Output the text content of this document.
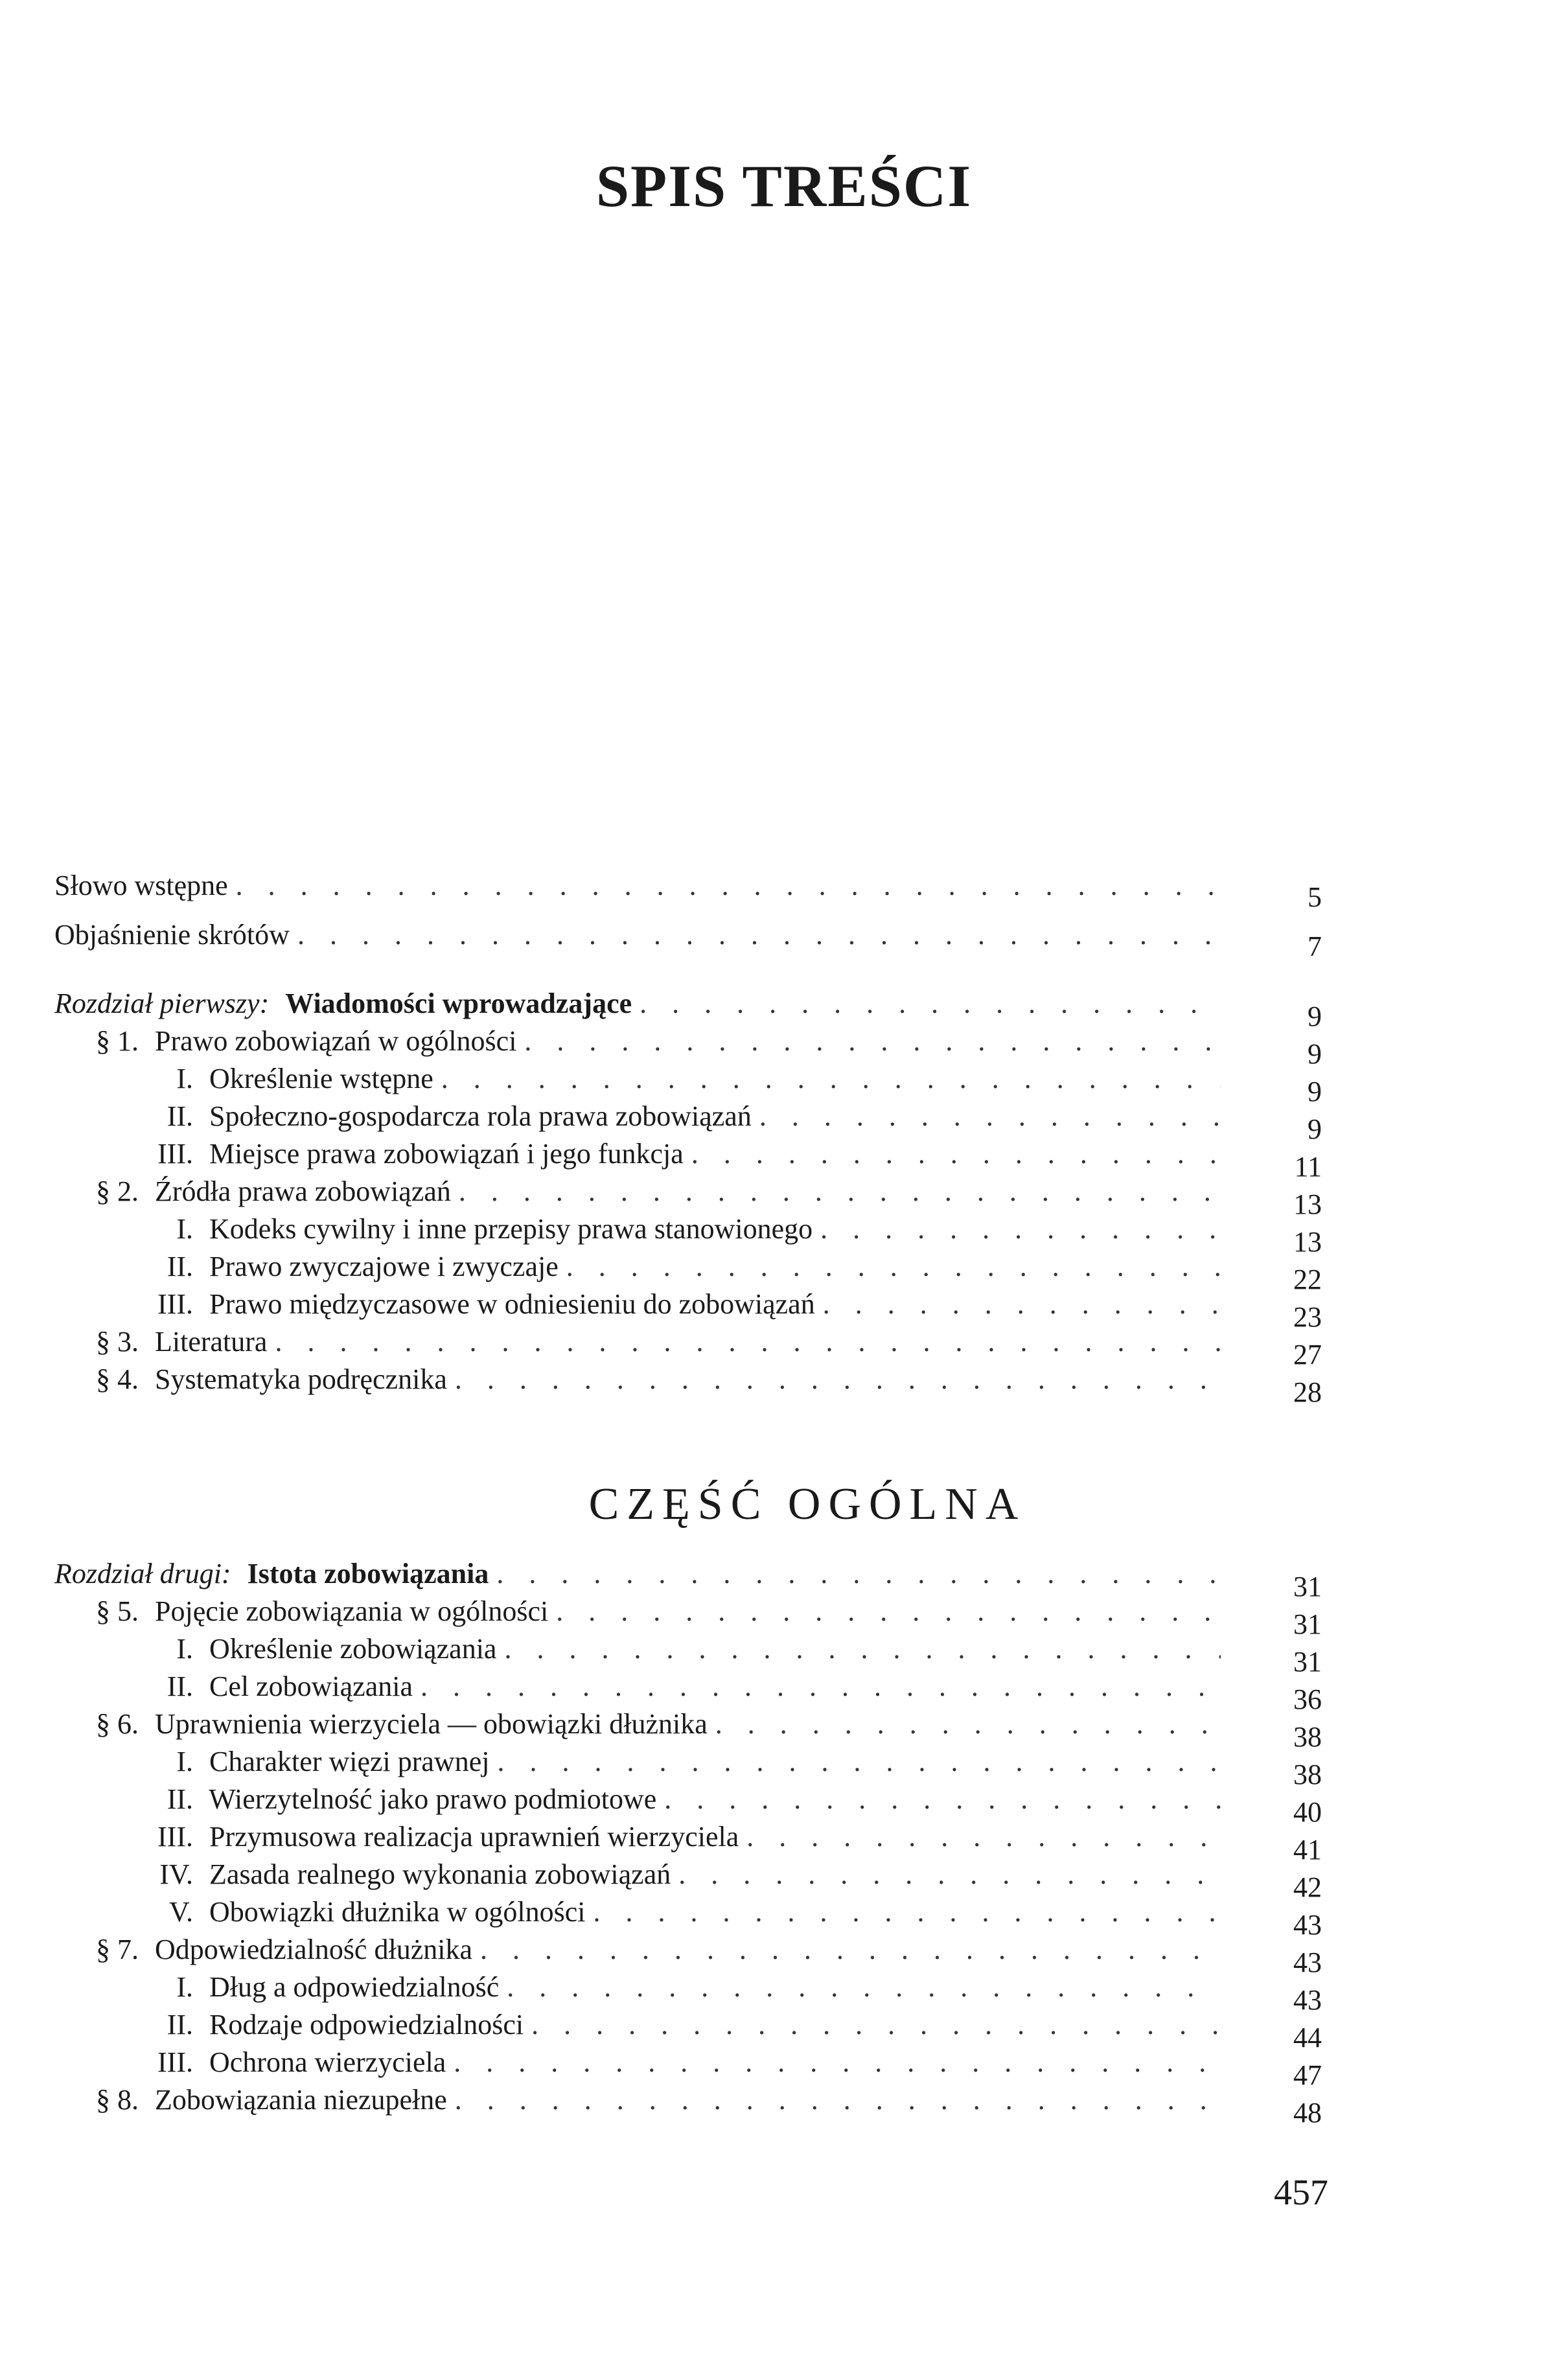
SPIS TREŚCI
Słowo wstępne . . .	5
Objaśnienie skrótów . . .	7
Rozdział pierwszy: Wiadomości wprowadzające . . .	9
§ 1. Prawo zobowiązań w ogólności . . .	9
I. Określenie wstępne . . .	9
II. Społeczno-gospodarcza rola prawa zobowiązań . . .	9
III. Miejsce prawa zobowiązań i jego funkcja . . .	11
§ 2. Źródła prawa zobowiązań . . .	13
I. Kodeks cywilny i inne przepisy prawa stanowionego . . .	13
II. Prawo zwyczajowe i zwyczaje . . .	22
III. Prawo międzyczasowe w odniesieniu do zobowiązań . . .	23
§ 3. Literatura . . .	27
§ 4. Systematyka podręcznika . . .	28
CZĘŚĆ OGÓLNA
Rozdział drugi: Istota zobowiązania . . .	31
§ 5. Pojęcie zobowiązania w ogólności . . .	31
I. Określenie zobowiązania . . .	31
II. Cel zobowiązania . . .	36
§ 6. Uprawnienia wierzyciela — obowiązki dłużnika . . .	38
I. Charakter więzi prawnej . . .	38
II. Wierzytelność jako prawo podmiotowe . . .	40
III. Przymusowa realizacja uprawnień wierzyciela . . .	41
IV. Zasada realnego wykonania zobowiązań . . .	42
V. Obowiązki dłużnika w ogólności . . .	43
§ 7. Odpowiedzialność dłużnika . . .	43
I. Dług a odpowiedzialność . . .	43
II. Rodzaje odpowiedzialności . . .	44
III. Ochrona wierzyciela . . .	47
§ 8. Zobowiązania niezupełne . . .	48

457
